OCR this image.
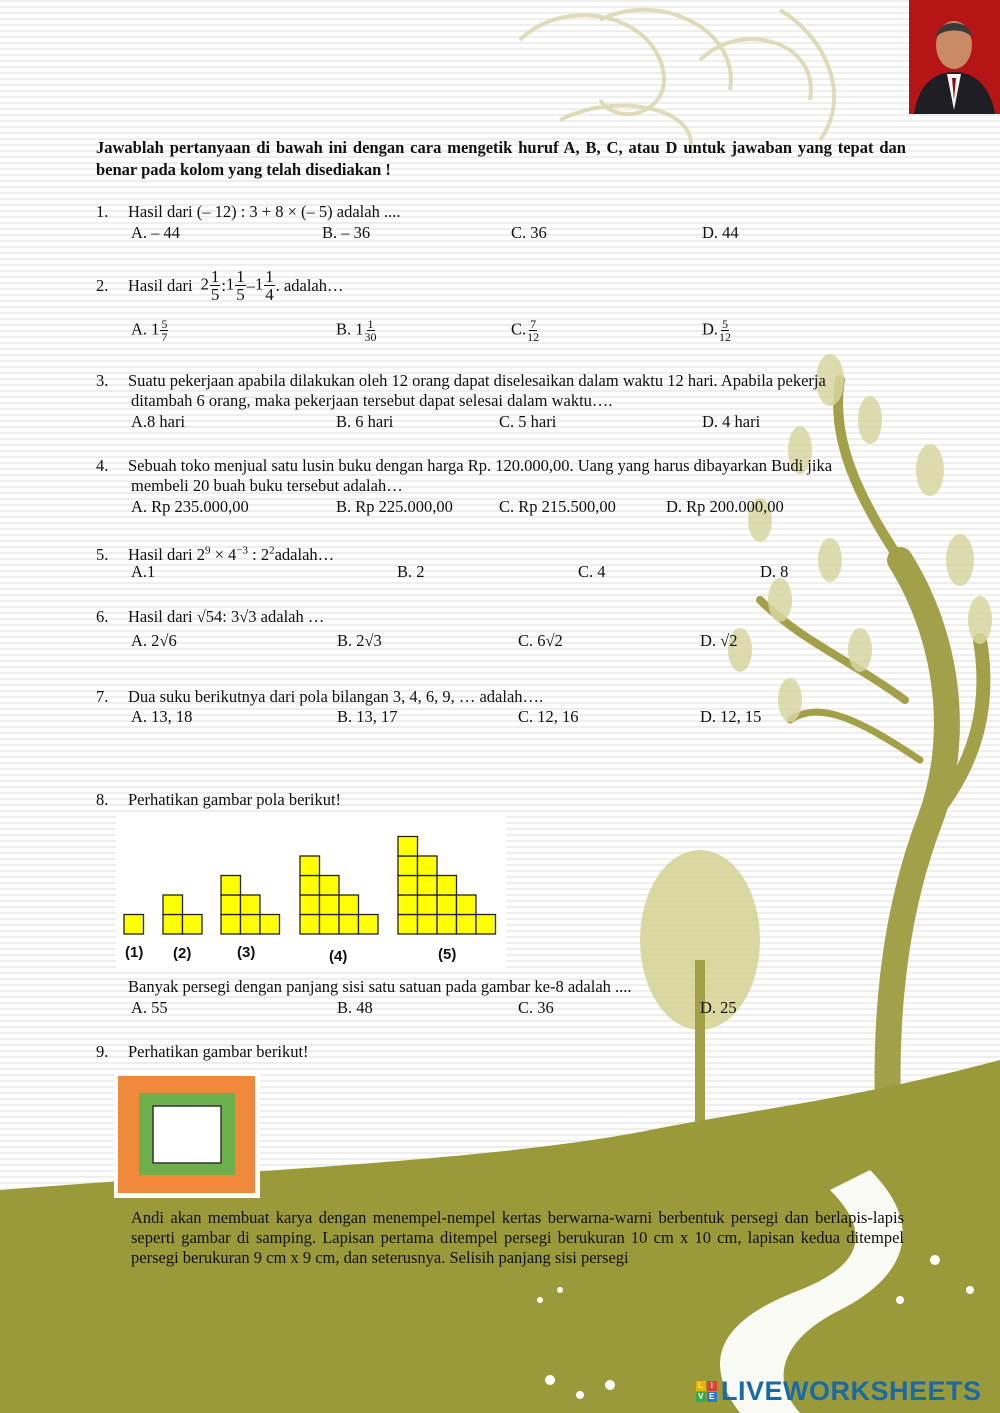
Jawablah pertanyaan di bawah ini dengan cara mengetik huruf A, B, C, atau D untuk jawaban yang tepat dan benar pada kolom yang telah disediakan !
1. Hasil dari (– 12) : 3 + 8 × (– 5) adalah ....
A. – 44	B. – 36	C. 36	D. 44
2.	Hasil dari $2 \frac{1}{5}$ : $1 \frac{1}{5} - 1 \frac{1}{4}$ . adalah…
A. $1 \frac{5}{7}$	B. $1 \frac{1}{30}$	C. $\frac{7}{12}$	D. $\frac{5}{12}$
3. Suatu pekerjaan apabila dilakukan oleh 12 orang dapat diselesaikan dalam waktu 12 hari. Apabila pekerja
ditambah 6 orang, maka pekerjaan tersebut dapat selesai dalam waktu….
A.8 hari	B. 6 hari	C. 5 hari	D. 4 hari
4. Sebuah toko menjual satu lusin buku dengan harga Rp. 120.000,00. Uang yang harus dibayarkan Budi jika
membeli 20 buah buku tersebut adalah…
A. Rp 235.000,00	B. Rp 225.000,00	C. Rp 215.500,00	D. Rp 200.000,00
5. Hasil dari $2^9 \times 4^{-3}$ : $2^2adalah\dots$
A.1	B. 2	C. 4	D. 8
6. Hasil dari √54: 3√3 adalah …
A. 2√6	B. 2√3	C. 6√2	D. √2
7. Dua suku berikutnya dari pola bilangan 3, 4, 6, 9, … adalah….
A. 13, 18	B. 13, 17	C. 12, 16	D. 12, 15
8. Perhatikan gambar pola berikut!
(1) (2)	(3)	(4)	(5)
Banyak persegi dengan panjang sisi satu satuan pada gambar ke-8 adalah ....
A. 55	B. 48	C. 36	D. 25
9. Perhatikan gambar berikut!
Andi akan membuat karya dengan menempel-nempel kertas berwarna-warni berbentuk persegi dan berlapis-lapis seperti gambar di samping. Lapisan pertama ditempel persegi berukuran 10 cm x 10 cm, lapisan kedua ditempel persegi berukuran 9 cm x 9 cm, dan seterusnya. Selisih panjang sisi persegi
L I
V E LIVEWORKSHEETS
